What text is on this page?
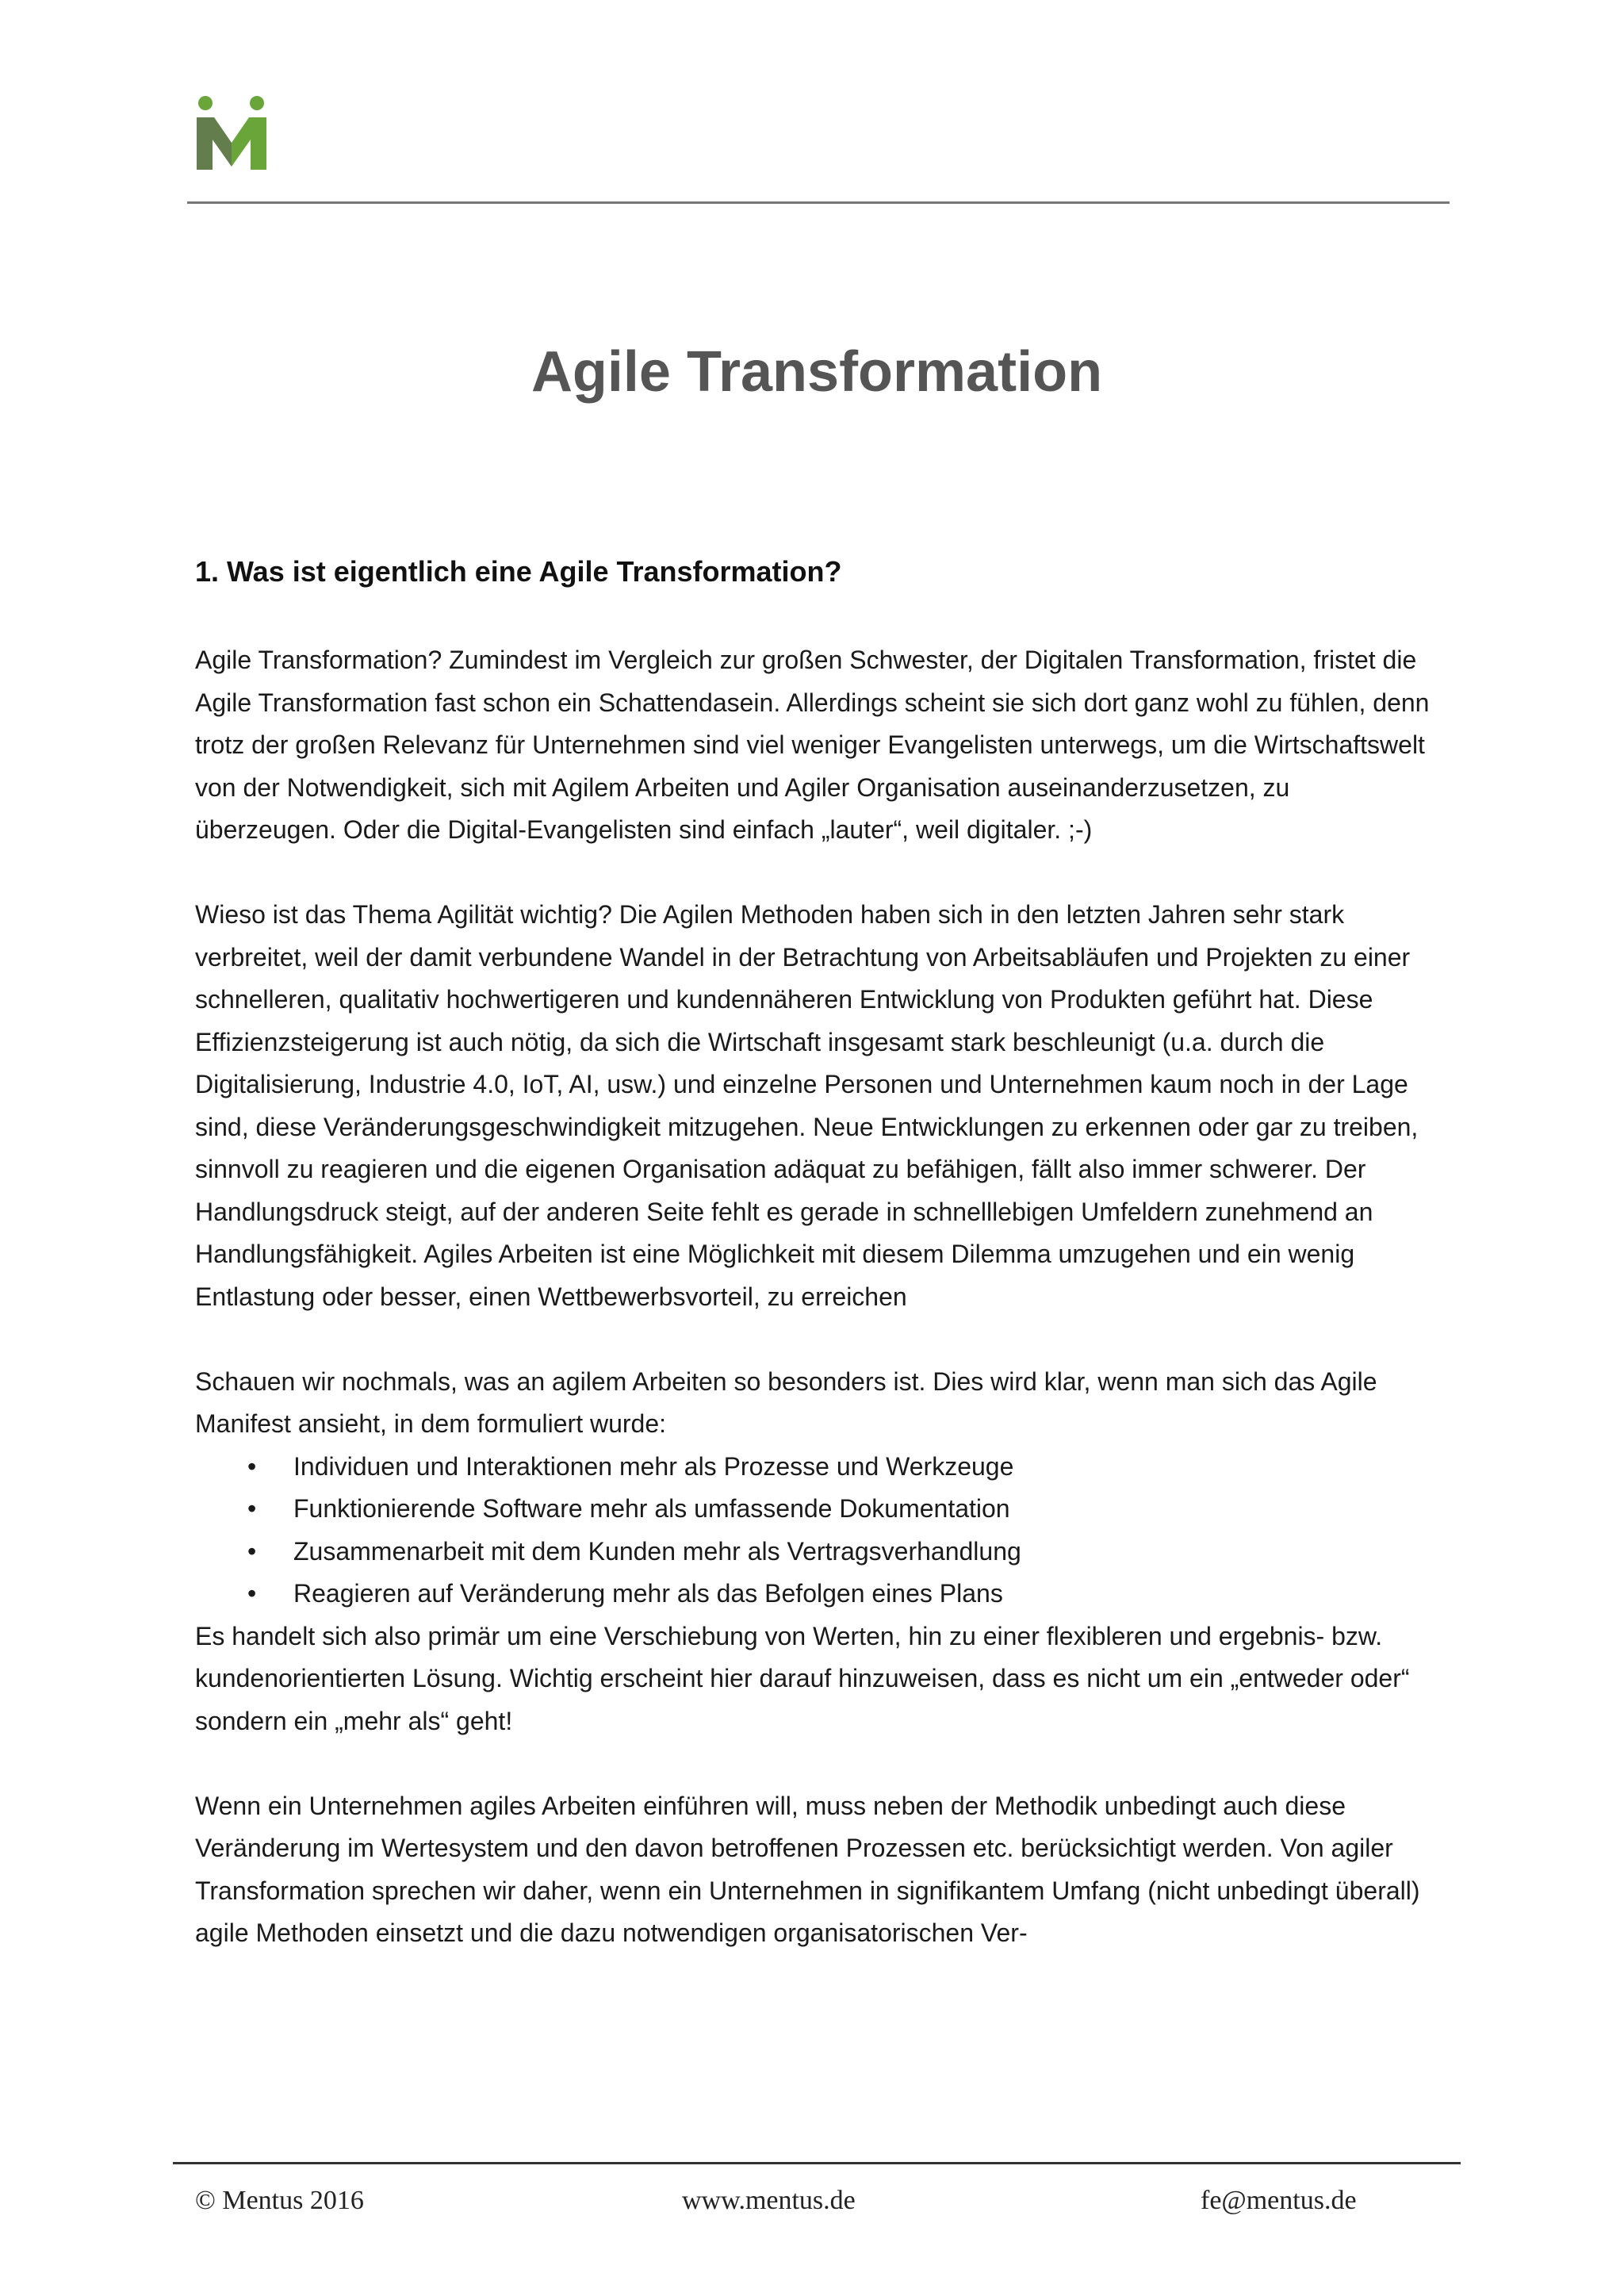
Agile Transformation
1. Was ist eigentlich eine Agile Transformation?

Agile Transformation? Zumindest im Vergleich zur großen Schwester, der Digitalen Transformation, fristet die Agile Transformation fast schon ein Schattendasein. Allerdings scheint sie sich dort ganz wohl zu fühlen, denn trotz der großen Relevanz für Unternehmen sind viel weniger Evangelisten unterwegs, um die Wirtschaftswelt von der Notwendigkeit, sich mit Agilem Arbeiten und Agiler Organisation auseinanderzusetzen, zu überzeugen. Oder die Digital-Evangelisten sind einfach „lauter“, weil digitaler. ;-)

Wieso ist das Thema Agilität wichtig? Die Agilen Methoden haben sich in den letzten Jahren sehr stark verbreitet, weil der damit verbundene Wandel in der Betrachtung von Arbeitsabläufen und Projekten zu einer schnelleren, qualitativ hochwertigeren und kundennäheren Entwicklung von Produkten geführt hat. Diese Effizienzsteigerung ist auch nötig, da sich die Wirtschaft insgesamt stark beschleunigt (u.a. durch die Digitalisierung, Industrie 4.0, IoT, AI, usw.) und einzelne Personen und Unternehmen kaum noch in der Lage sind, diese Veränderungsgeschwindigkeit mitzugehen. Neue Entwicklungen zu erkennen oder gar zu treiben, sinnvoll zu reagieren und die eigenen Organisation adäquat zu befähigen, fällt also immer schwerer. Der Handlungsdruck steigt, auf der anderen Seite fehlt es gerade in schnelllebigen Umfeldern zunehmend an Handlungsfähigkeit. Agiles Arbeiten ist eine Möglichkeit mit diesem Dilemma umzugehen und ein wenig Entlastung oder besser, einen Wettbewerbsvorteil, zu erreichen

Schauen wir nochmals, was an agilem Arbeiten so besonders ist. Dies wird klar, wenn man sich das Agile Manifest ansieht, in dem formuliert wurde:

• Individuen und Interaktionen mehr als Prozesse und Werkzeuge
• Funktionierende Software mehr als umfassende Dokumentation
• Zusammenarbeit mit dem Kunden mehr als Vertragsverhandlung
• Reagieren auf Veränderung mehr als das Befolgen eines Plans

Es handelt sich also primär um eine Verschiebung von Werten, hin zu einer flexibleren und ergebnis- bzw. kundenorientierten Lösung. Wichtig erscheint hier darauf hinzuweisen, dass es nicht um ein „entweder oder“ sondern ein „mehr als“ geht!

Wenn ein Unternehmen agiles Arbeiten einführen will, muss neben der Methodik unbedingt auch diese Veränderung im Wertesystem und den davon betroffenen Prozessen etc. berücksichtigt werden. Von agiler Transformation sprechen wir daher, wenn ein Unternehmen in signifikantem Umfang (nicht unbedingt überall) agile Methoden einsetzt und die dazu notwendigen organisatorischen Ver-

© Mentus 2016	www.mentus.de	fe@mentus.de
